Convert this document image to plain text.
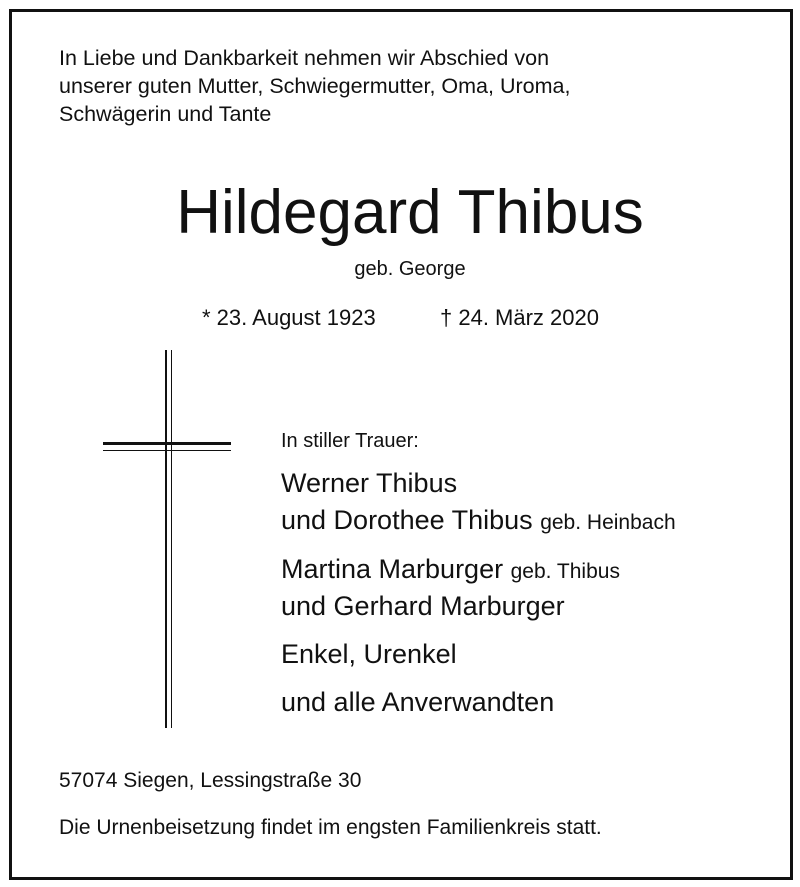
In Liebe und Dankbarkeit nehmen wir Abschied von
unserer guten Mutter, Schwiegermutter, Oma, Uroma,
Schwägerin und Tante
Hildegard Thibus
geb. George
* 23. August 1923	† 24. März 2020
In stiller Trauer:
Werner Thibus
und Dorothee Thibus geb. Heinbach
Martina Marburger geb. Thibus
und Gerhard Marburger
Enkel, Urenkel
und alle Anverwandten
57074 Siegen, Lessingstraße 30
Die Urnenbeisetzung findet im engsten Familienkreis statt.
